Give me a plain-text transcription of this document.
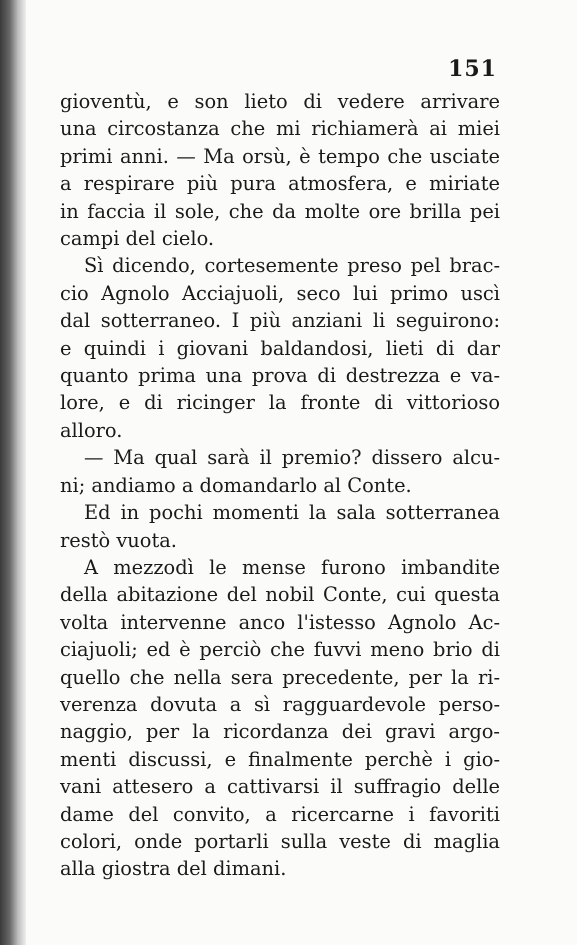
151
gioventù, e son lieto di vedere arrivare
una circostanza che mi richiamerà ai miei
primi anni. — Ma orsù, è tempo che usciate
a respirare più pura atmosfera, e miriate
in faccia il sole, che da molte ore brilla pei
campi del cielo.
Sì dicendo, cortesemente preso pel brac-
cio Agnolo Acciajuoli, seco lui primo uscì
dal sotterraneo. I più anziani li seguirono:
e quindi i giovani baldandosi, lieti di dar
quanto prima una prova di destrezza e va-
lore, e di ricinger la fronte di vittorioso
alloro.
— Ma qual sarà il premio? dissero alcu-
ni; andiamo a domandarlo al Conte.
Ed in pochi momenti la sala sotterranea
restò vuota.
A mezzodì le mense furono imbandite
della abitazione del nobil Conte, cui questa
volta intervenne anco l'istesso Agnolo Ac-
ciajuoli; ed è perciò che fuvvi meno brio di
quello che nella sera precedente, per la ri-
verenza dovuta a sì ragguardevole perso-
naggio, per la ricordanza dei gravi argo-
menti discussi, e finalmente perchè i gio-
vani attesero a cattivarsi il suffragio delle
dame del convito, a ricercarne i favoriti
colori, onde portarli sulla veste di maglia
alla giostra del dimani.
